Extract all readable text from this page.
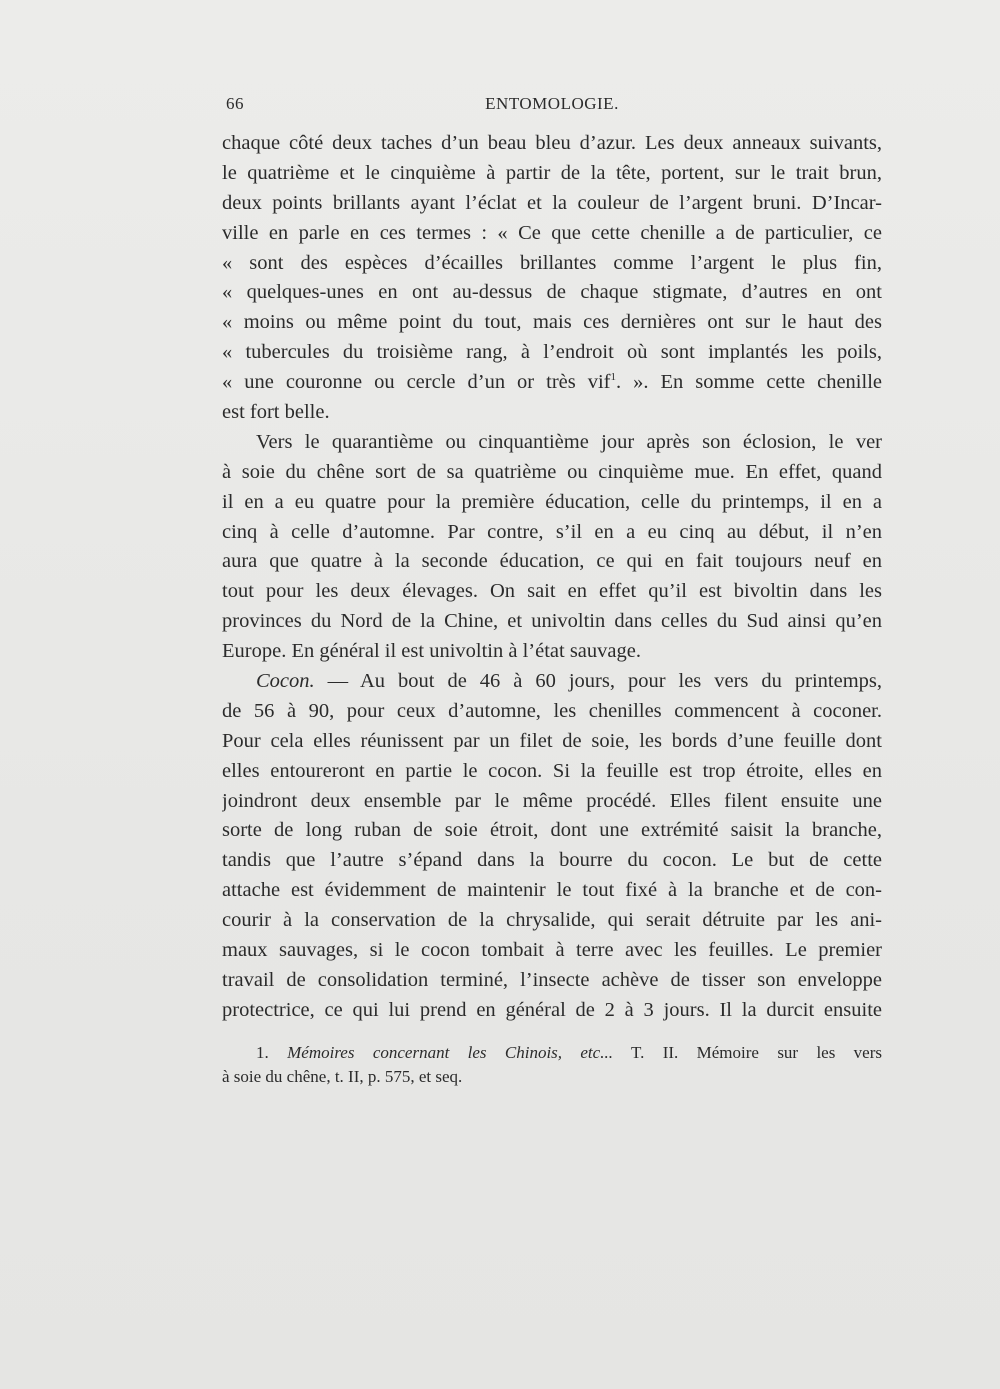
66	ENTOMOLOGIE.
chaque côté deux taches d’un beau bleu d’azur. Les deux anneaux suivants,
le quatrième et le cinquième à partir de la tête, portent, sur le trait brun,
deux points brillants ayant l’éclat et la couleur de l’argent bruni. D’Incar-
ville en parle en ces termes : « Ce que cette chenille a de particulier, ce
« sont des espèces d’écailles brillantes comme l’argent le plus fin,
« quelques-unes en ont au-dessus de chaque stigmate, d’autres en ont
« moins ou même point du tout, mais ces dernières ont sur le haut des
« tubercules du troisième rang, à l’endroit où sont implantés les poils,
« une couronne ou cercle d’un or très vif$^1$. ». En somme cette chenille
est fort belle.
Vers le quarantième ou cinquantième jour après son éclosion, le ver
à soie du chêne sort de sa quatrième ou cinquième mue. En effet, quand
il en a eu quatre pour la première éducation, celle du printemps, il en a
cinq à celle d’automne. Par contre, s’il en a eu cinq au début, il n’en
aura que quatre à la seconde éducation, ce qui en fait toujours neuf en
tout pour les deux élevages. On sait en effet qu’il est bivoltin dans les
provinces du Nord de la Chine, et univoltin dans celles du Sud ainsi qu’en
Europe. En général il est univoltin à l’état sauvage.
Cocon. — Au bout de 46 à 60 jours, pour les vers du printemps,
de 56 à 90, pour ceux d’automne, les chenilles commencent à coconer.
Pour cela elles réunissent par un filet de soie, les bords d’une feuille dont
elles entoureront en partie le cocon. Si la feuille est trop étroite, elles en
joindront deux ensemble par le même procédé. Elles filent ensuite une
sorte de long ruban de soie étroit, dont une extrémité saisit la branche,
tandis que l’autre s’épand dans la bourre du cocon. Le but de cette
attache est évidemment de maintenir le tout fixé à la branche et de con-
courir à la conservation de la chrysalide, qui serait détruite par les ani-
maux sauvages, si le cocon tombait à terre avec les feuilles. Le premier
travail de consolidation terminé, l’insecte achève de tisser son enveloppe
protectrice, ce qui lui prend en général de 2 à 3 jours. Il la durcit ensuite
1. Mémoires concernant les Chinois, etc... T. II. Mémoire sur les vers
à soie du chêne, t. II, p. 575, et seq.
